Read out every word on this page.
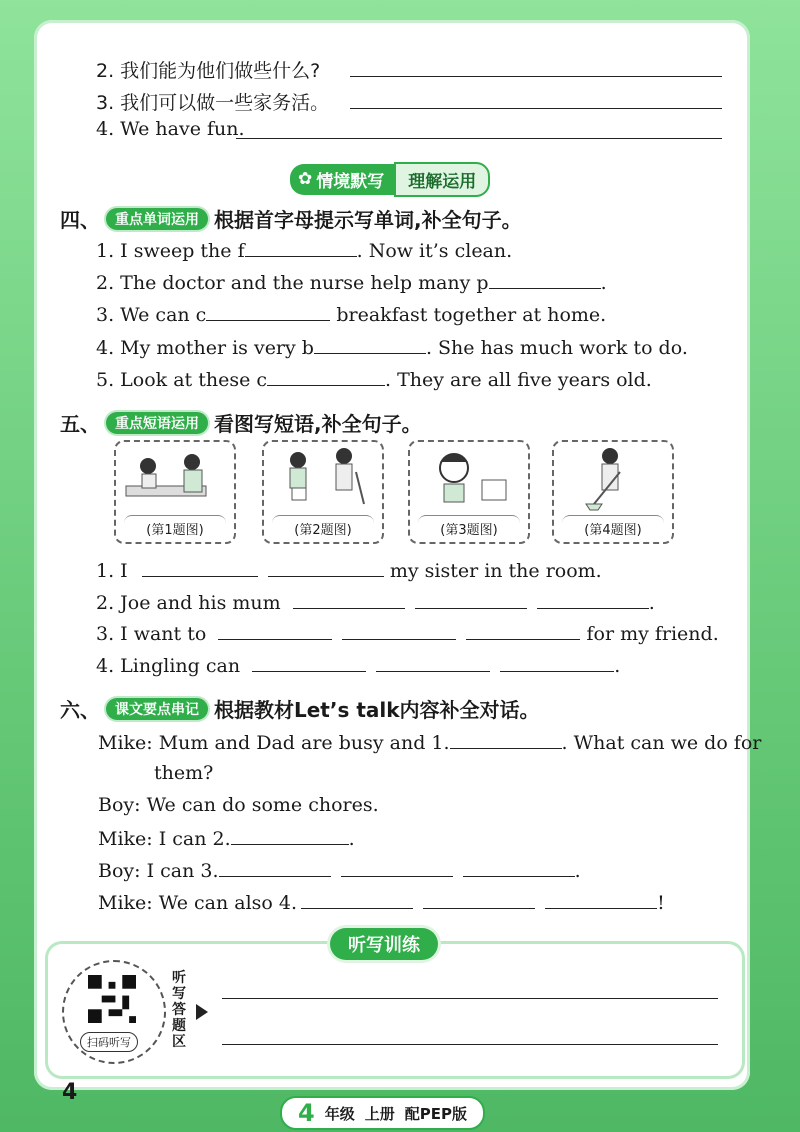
2. 我们能为他们做些什么?
3. 我们可以做一些家务活。
4. We have fun.
✿ 情境默写	理解运用
四、	重点单词运用 根据首字母提示写单词,补全句子。
1. I sweep the f	. Now it’s clean.
2. The doctor and the nurse help many p	.
3. We can c	breakfast together at home.
4. My mother is very b	. She has much work to do.
5. Look at these c	. They are all five years old.
五、	重点短语运用 看图写短语,补全句子。
(第1题图)	(第2题图)	(第3题图)	(第4题图)
1. I	my sister in the room.
2. Joe and his mum	.
3. I want to	for my friend.
4. Lingling can	.
六、	课文要点串记 根据教材Let’s talk内容补全对话。
Mike: Mum and Dad are busy and 1.	. What can we do for
them?
Boy: We can do some chores.
Mike: I can 2.	.
Boy: I can 3.	.
Mike: We can also 4.	!
听写训练
扫码听写
听写答题区
4
4 年级 上册 配PEP版
